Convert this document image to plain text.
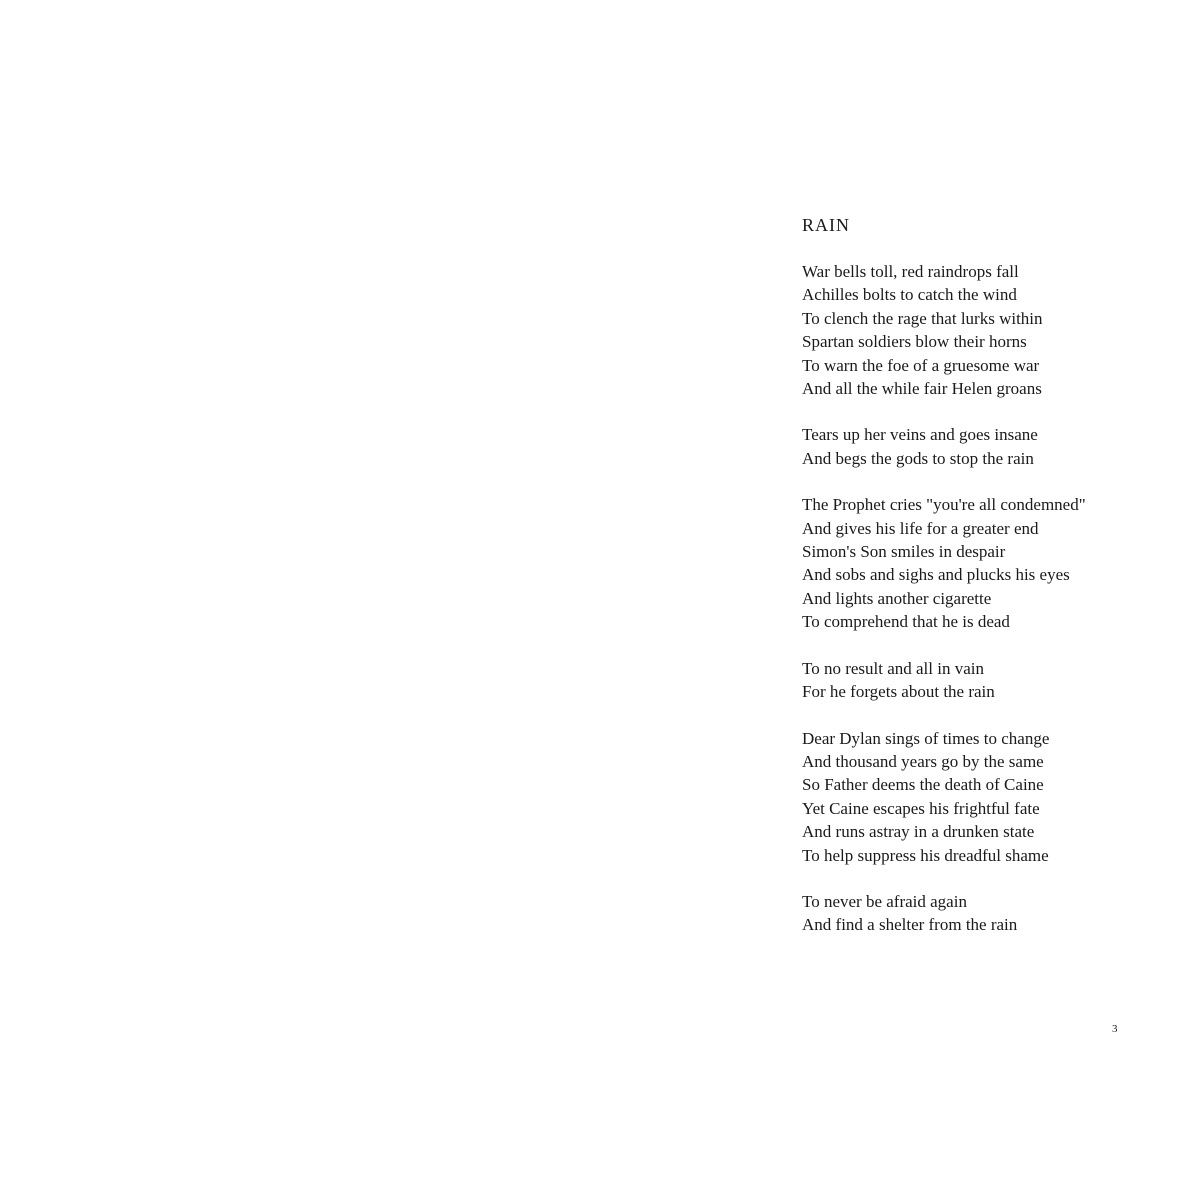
RAIN
War bells toll, red raindrops fall
Achilles bolts to catch the wind
To clench the rage that lurks within
Spartan soldiers blow their horns
To warn the foe of a gruesome war
And all the while fair Helen groans
Tears up her veins and goes insane
And begs the gods to stop the rain
The Prophet cries "you're all condemned"
And gives his life for a greater end
Simon's Son smiles in despair
And sobs and sighs and plucks his eyes
And lights another cigarette
To comprehend that he is dead
To no result and all in vain
For he forgets about the rain
Dear Dylan sings of times to change
And thousand years go by the same
So Father deems the death of Caine
Yet Caine escapes his frightful fate
And runs astray in a drunken state
To help suppress his dreadful shame
To never be afraid again
And find a shelter from the rain
3
